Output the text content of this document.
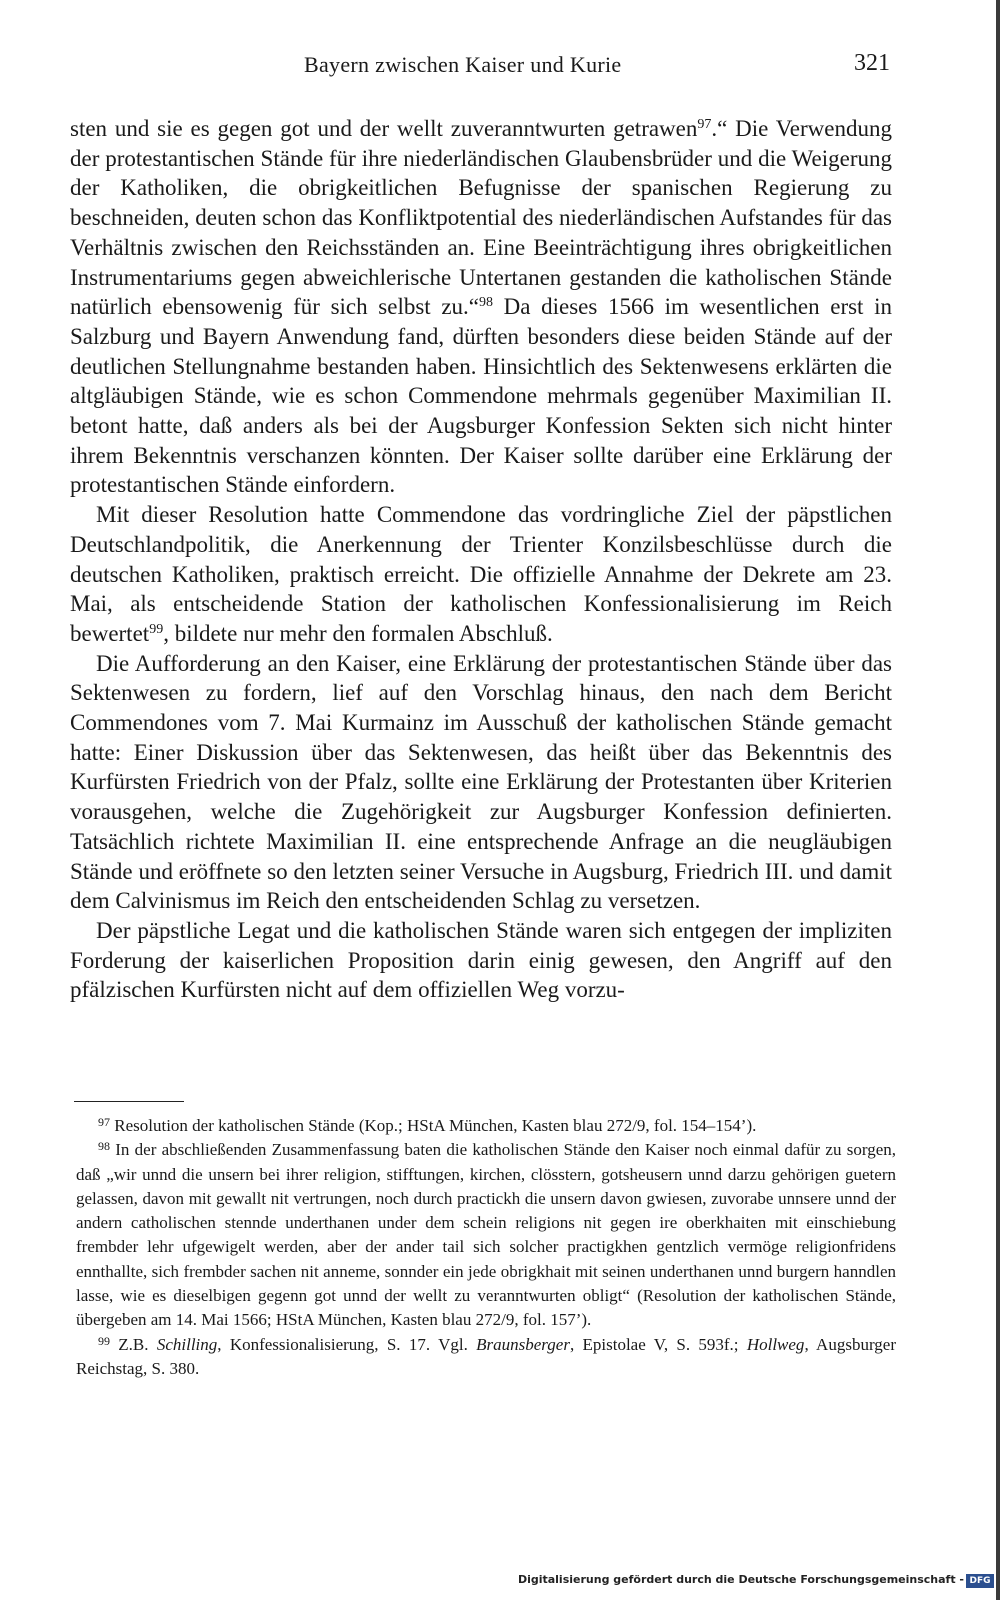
Bayern zwischen Kaiser und Kurie	321

sten und sie es gegen got und der wellt zuveranntwurten getrawen$^{97}$.“ Die Verwendung der protestantischen Stände für ihre niederländischen Glaubensbrüder und die Weigerung der Katholiken, die obrigkeitlichen Befugnisse der spanischen Regierung zu beschneiden, deuten schon das Konfliktpotential des niederländischen Aufstandes für das Verhältnis zwischen den Reichsständen an. Eine Beeinträchtigung ihres obrigkeitlichen Instrumentariums gegen abweichlerische Untertanen gestanden die katholischen Stände natürlich ebensowenig für sich selbst zu.“$^{98}$ Da dieses 1566 im wesentlichen erst in Salzburg und Bayern Anwendung fand, dürften besonders diese beiden Stände auf der deutlichen Stellungnahme bestanden haben. Hinsichtlich des Sektenwesens erklärten die altgläubigen Stände, wie es schon Commendone mehrmals gegenüber Maximilian II. betont hatte, daß anders als bei der Augsburger Konfession Sekten sich nicht hinter ihrem Bekenntnis verschanzen könnten. Der Kaiser sollte darüber eine Erklärung der protestantischen Stände einfordern.

Mit dieser Resolution hatte Commendone das vordringliche Ziel der päpstlichen Deutschlandpolitik, die Anerkennung der Trienter Konzilsbeschlüsse durch die deutschen Katholiken, praktisch erreicht. Die offizielle Annahme der Dekrete am 23. Mai, als entscheidende Station der katholischen Konfessionalisierung im Reich bewertet$^{99}$, bildete nur mehr den formalen Abschluß.

Die Aufforderung an den Kaiser, eine Erklärung der protestantischen Stände über das Sektenwesen zu fordern, lief auf den Vorschlag hinaus, den nach dem Bericht Commendones vom 7. Mai Kurmainz im Ausschuß der katholischen Stände gemacht hatte: Einer Diskussion über das Sektenwesen, das heißt über das Bekenntnis des Kurfürsten Friedrich von der Pfalz, sollte eine Erklärung der Protestanten über Kriterien vorausgehen, welche die Zugehörigkeit zur Augsburger Konfession definierten. Tatsächlich richtete Maximilian II. eine entsprechende Anfrage an die neugläubigen Stände und eröffnete so den letzten seiner Versuche in Augsburg, Friedrich III. und damit dem Calvinismus im Reich den entscheidenden Schlag zu versetzen.

Der päpstliche Legat und die katholischen Stände waren sich entgegen der impliziten Forderung der kaiserlichen Proposition darin einig gewesen, den Angriff auf den pfälzischen Kurfürsten nicht auf dem offiziellen Weg vorzu-

$^{97}$ Resolution der katholischen Stände (Kop.; HStA München, Kasten blau 272/9, fol. 154–154’).

$^{98}$ In der abschließenden Zusammenfassung baten die katholischen Stände den Kaiser noch einmal dafür zu sorgen, daß „wir unnd die unsern bei ihrer religion, stifftungen, kirchen, clösstern, gotsheusern unnd darzu gehörigen guetern gelassen, davon mit gewallt nit vertrungen, noch durch practickh die unsern davon gwiesen, zuvorabe unnsere unnd der andern catholischen stennde underthanen under dem schein religions nit gegen ire oberkhaiten mit einschiebung frembder lehr ufgewigelt werden, aber der ander tail sich solcher practigkhen gentzlich vermöge religionfridens ennthallte, sich frembder sachen nit anneme, sonnder ein jede obrigkhait mit seinen underthanen unnd burgern hanndlen lasse, wie es dieselbigen gegenn got unnd der wellt zu veranntwurten obligt“ (Resolution der katholischen Stände, übergeben am 14. Mai 1566; HStA München, Kasten blau 272/9, fol. 157’).

$^{99}$ Z.B. Schilling, Konfessionalisierung, S. 17. Vgl. Braunsberger, Epistolae V, S. 593f.; Hollweg, Augsburger Reichstag, S. 380.

Digitalisierung gefördert durch die Deutsche Forschungsgemeinschaft - DFG
